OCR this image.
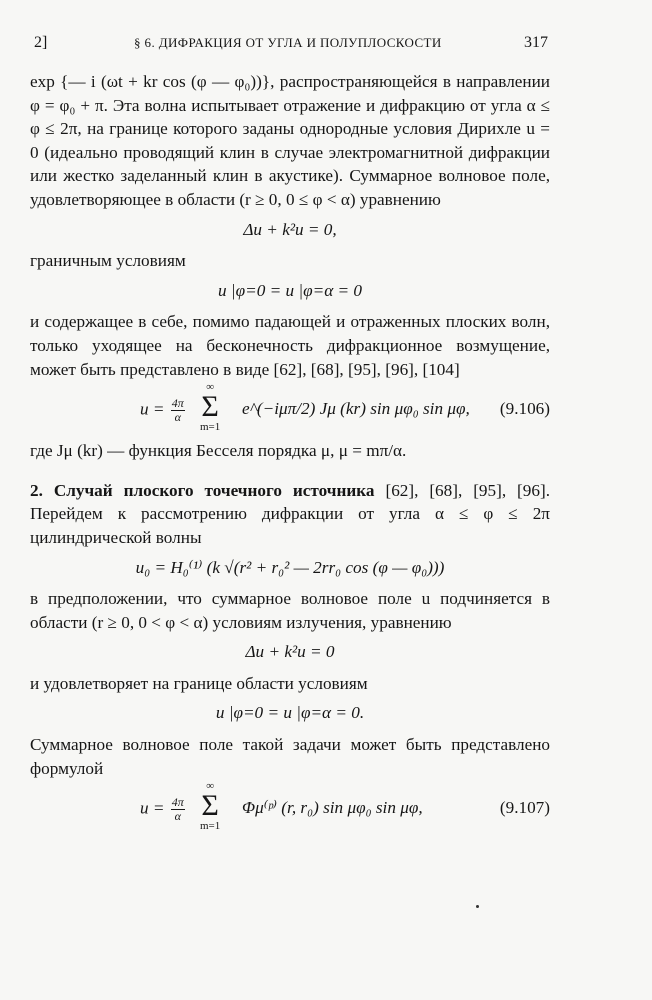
2]	§ 6. ДИФРАКЦИЯ ОТ УГЛА И ПОЛУПЛОСКОСТИ	317

exp {— i (ωt + kr cos (φ — φ₀))}, распространяющейся в направлении φ = φ₀ + π. Эта волна испытывает отражение и дифракцию от угла α ≤ φ ≤ 2π, на границе которого заданы однородные условия Дирихле u = 0 (идеально проводящий клин в случае электромагнитной дифракции или жестко заделанный клин в акустике). Суммарное волновое поле, удовлетворяющее в области (r ≥ 0, 0 ≤ φ < α) уравнению

Δu + k²u = 0,

граничным условиям

u |φ=0 = u |φ=α = 0

и содержащее в себе, помимо падающей и отраженных плоских волн, только уходящее на бесконечность дифракционное возмущение, может быть представлено в виде [62], [68], [95], [96], [104]

$u = \frac{4\pi}{\alpha}$
∞
Σ
m=1
e^(−iμπ/2) Jμ (kr) sin μφ₀ sin μφ, (9.106)

где Jμ (kr) — функция Бесселя порядка μ, μ = mπ/α.

2. Случай плоского точечного источника [62], [68], [95], [96]. Перейдем к рассмотрению дифракции от угла α ≤ φ ≤ 2π цилиндрической волны

u₀ = H₀⁽¹⁾ (k √(r² + r₀² — 2rr₀ cos (φ — φ₀)))

в предположении, что суммарное волновое поле u подчиняется в области (r ≥ 0, 0 < φ < α) условиям излучения, уравнению

Δu + k²u = 0

и удовлетворяет на границе области условиям

u |φ=0 = u |φ=α = 0.

Суммарное волновое поле такой задачи может быть представлено формулой

$u = \frac{4\pi}{\alpha}$
∞
Σ
m=1
Φμ⁽ᵖ⁾ (r, r₀) sin μφ₀ sin μφ,	(9.107)
